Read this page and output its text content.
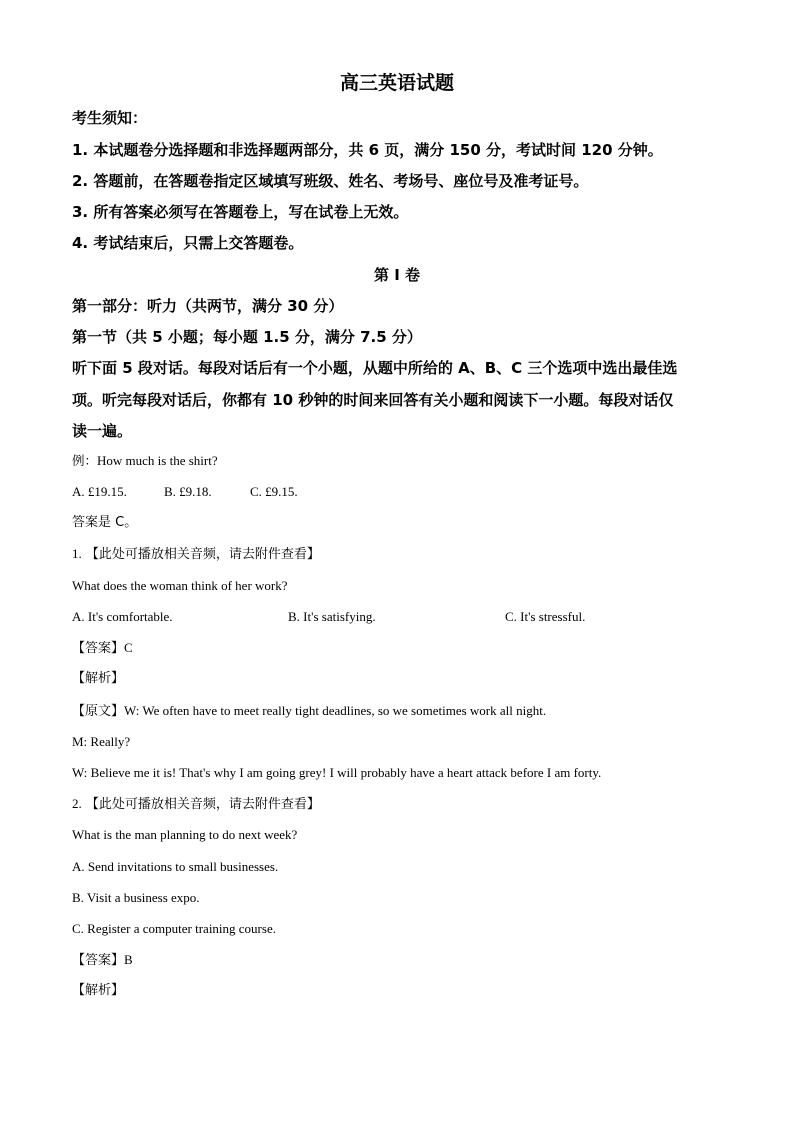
高三英语试题
考生须知：
1. 本试题卷分选择题和非选择题两部分，共 6 页，满分 150 分，考试时间 120 分钟。
2. 答题前，在答题卷指定区域填写班级、姓名、考场号、座位号及准考证号。
3. 所有答案必须写在答题卷上，写在试卷上无效。
4. 考试结束后，只需上交答题卷。
第 I 卷
第一部分：听力（共两节，满分 30 分）
第一节（共 5 小题；每小题 1.5 分，满分 7.5 分）
听下面 5 段对话。每段对话后有一个小题，从题中所给的 A、B、C 三个选项中选出最佳选
项。听完每段对话后，你都有 10 秒钟的时间来回答有关小题和阅读下一小题。每段对话仅
读一遍。
例：How much is the shirt?
A. £19.15.	B. £9.18.	C. £9.15.
答案是 C。
1. 【此处可播放相关音频，请去附件查看】
What does the woman think of her work?
A. It's comfortable.	B. It's satisfying.	C. It's stressful.
【答案】C
【解析】
【原文】W: We often have to meet really tight deadlines, so we sometimes work all night.
M: Really?
W: Believe me it is! That's why I am going grey! I will probably have a heart attack before I am forty.
2. 【此处可播放相关音频，请去附件查看】
What is the man planning to do next week?
A. Send invitations to small businesses.
B. Visit a business expo.
C. Register a computer training course.
【答案】B
【解析】
